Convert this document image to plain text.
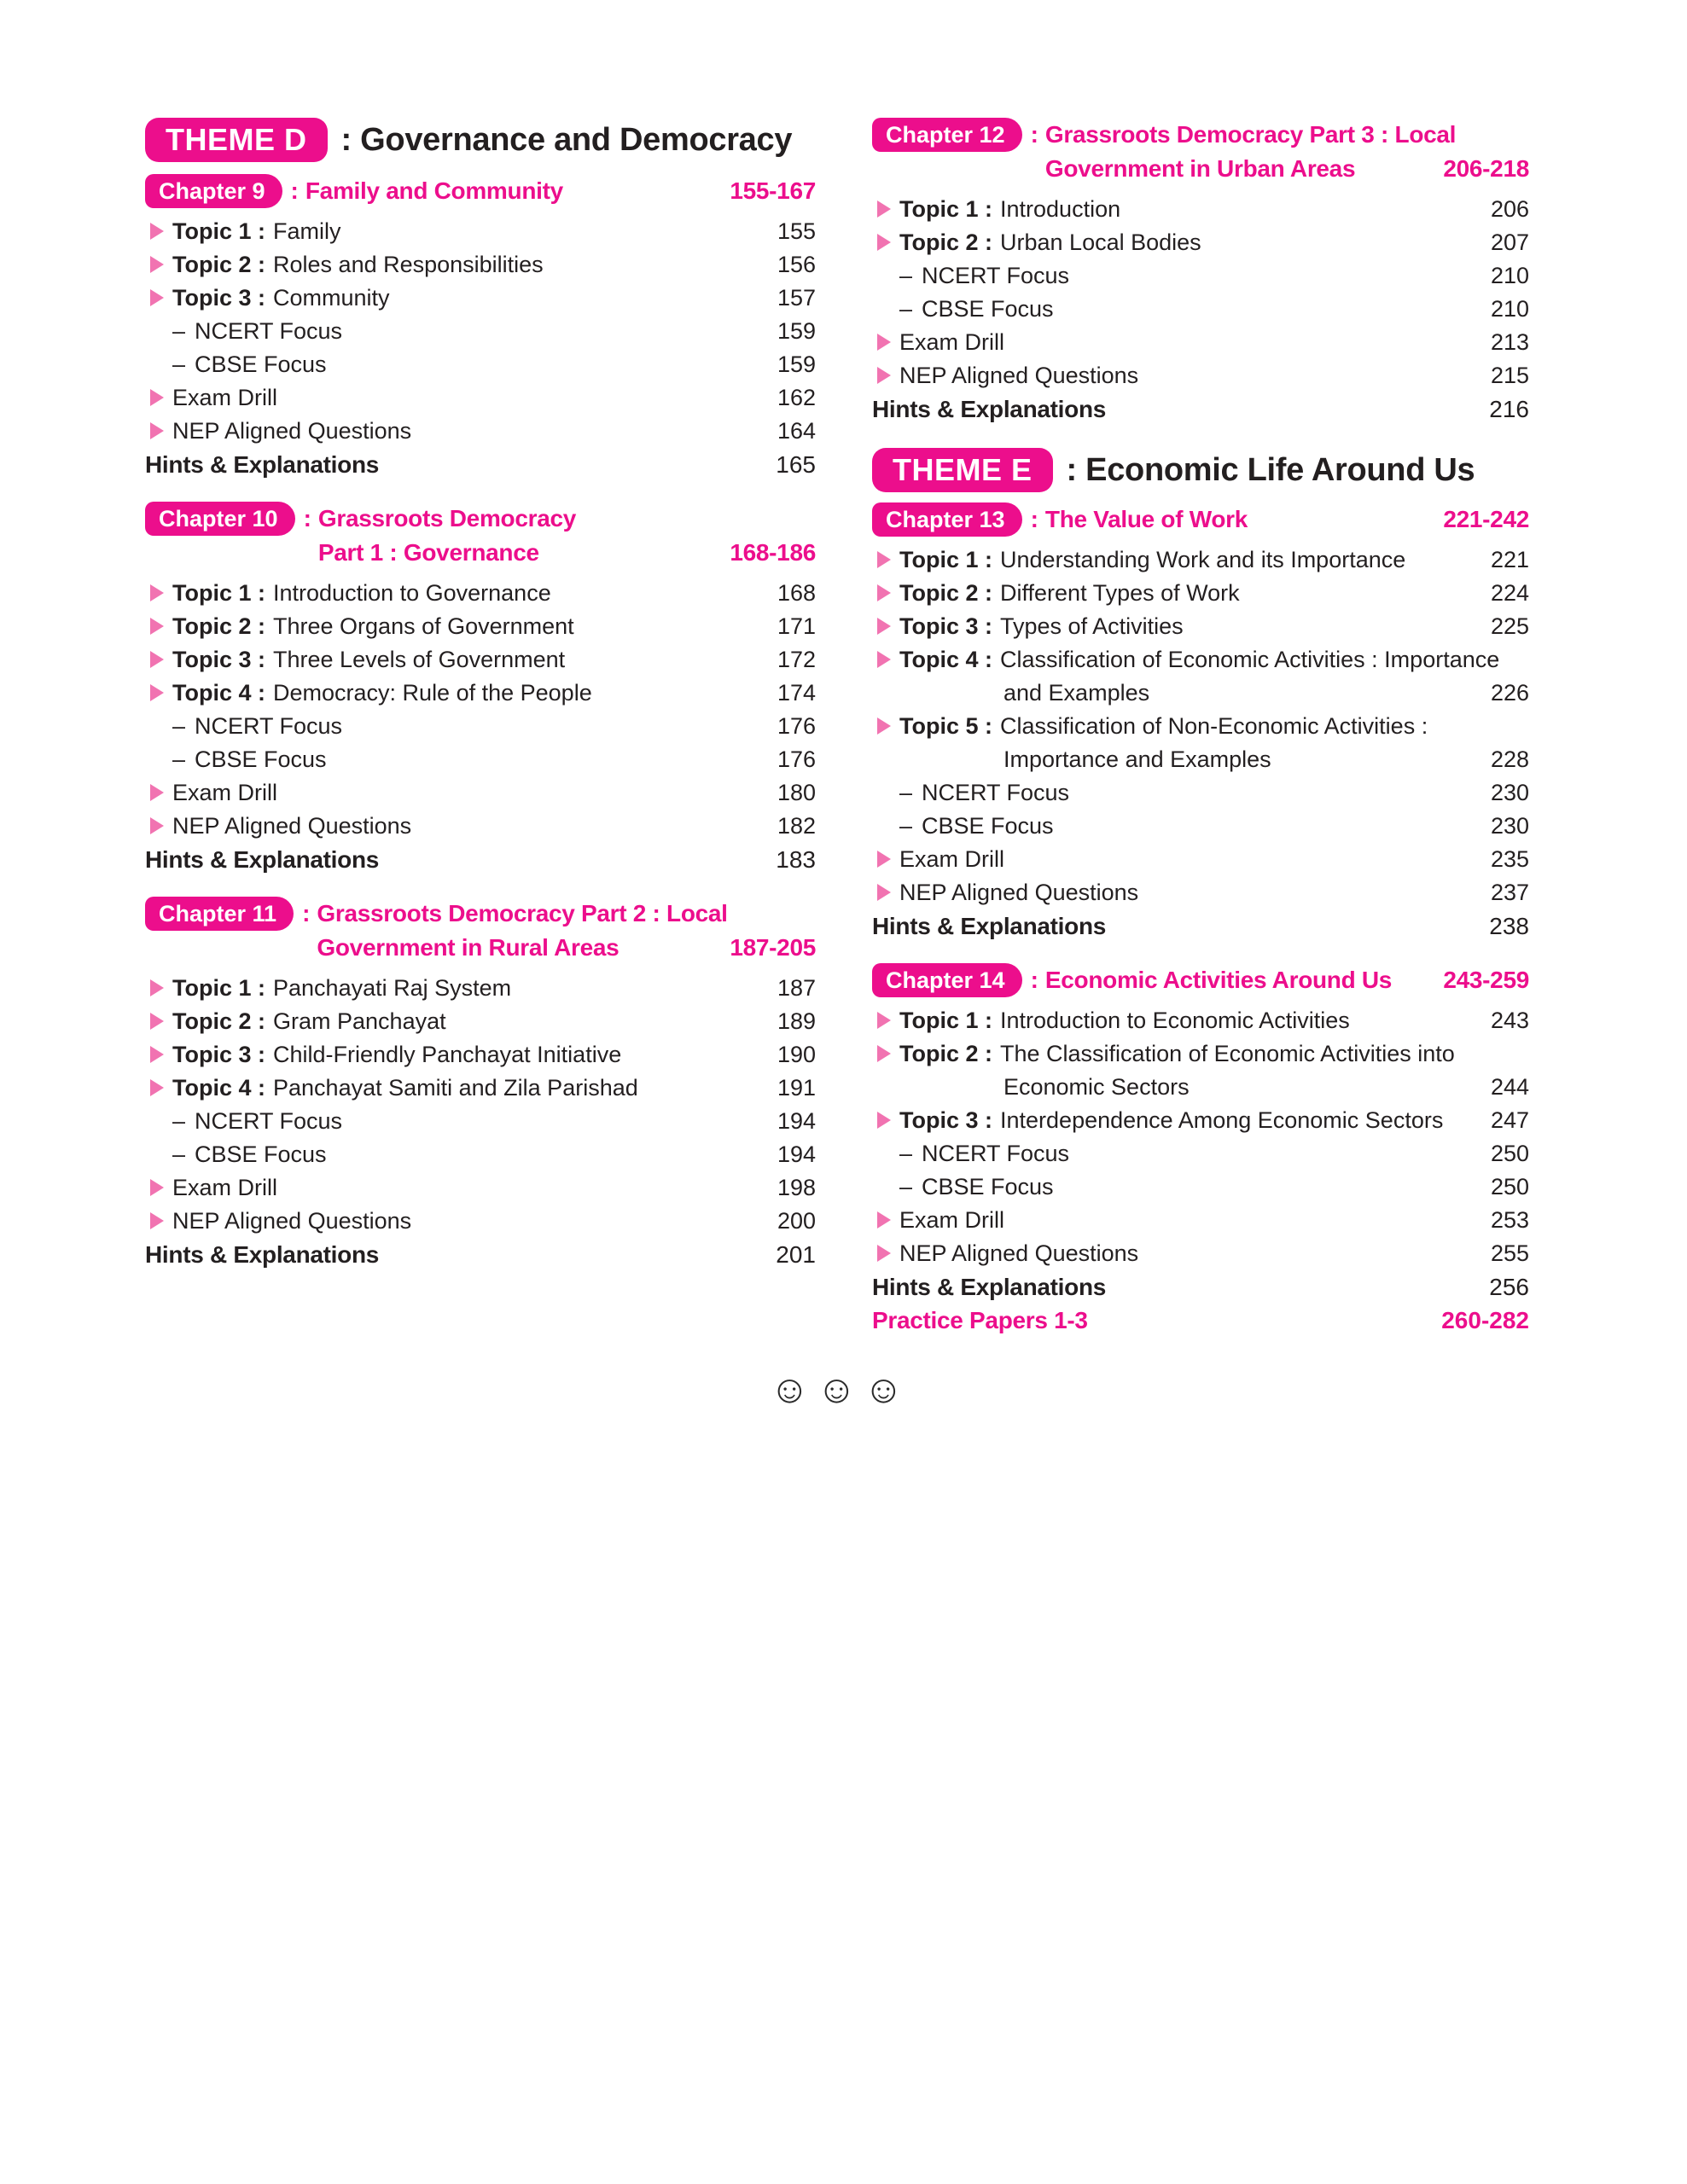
THEME D	: Governance and Democracy
Chapter 9	: Family and Community	155-167
Topic 1 : Family	155
Topic 2 : Roles and Responsibilities	156
Topic 3 : Community	157
– NCERT Focus	159
– CBSE Focus	159
Exam Drill	162
NEP Aligned Questions	164
Hints & Explanations	165
Chapter 10	: Grassroots Democracy
Part 1 : Governance	168-186
Topic 1 : Introduction to Governance	168
Topic 2 : Three Organs of Government	171
Topic 3 : Three Levels of Government	172
Topic 4 : Democracy: Rule of the People	174
– NCERT Focus	176
– CBSE Focus	176
Exam Drill	180
NEP Aligned Questions	182
Hints & Explanations	183
Chapter 11	: Grassroots Democracy Part 2 : Local
Government in Rural Areas	187-205
Topic 1 : Panchayati Raj System	187
Topic 2 : Gram Panchayat	189
Topic 3 : Child-Friendly Panchayat Initiative	190
Topic 4 : Panchayat Samiti and Zila Parishad	191
– NCERT Focus	194
– CBSE Focus	194
Exam Drill	198
NEP Aligned Questions	200
Hints & Explanations	201
Chapter 12	: Grassroots Democracy Part 3 : Local
Government in Urban Areas	206-218
Topic 1 : Introduction	206
Topic 2 : Urban Local Bodies	207
– NCERT Focus	210
– CBSE Focus	210
Exam Drill	213
NEP Aligned Questions	215
Hints & Explanations	216
THEME E	: Economic Life Around Us
Chapter 13	: The Value of Work	221-242
Topic 1 : Understanding Work and its Importance	221
Topic 2 : Different Types of Work	224
Topic 3 : Types of Activities	225
Topic 4 : Classification of Economic Activities : Importance
and Examples	226
Topic 5 : Classification of Non-Economic Activities :
Importance and Examples	228
– NCERT Focus	230
– CBSE Focus	230
Exam Drill	235
NEP Aligned Questions	237
Hints & Explanations	238
Chapter 14	: Economic Activities Around Us	243-259
Topic 1 : Introduction to Economic Activities	243
Topic 2 : The Classification of Economic Activities into
Economic Sectors	244
Topic 3 : Interdependence Among Economic Sectors	247
– NCERT Focus	250
– CBSE Focus	250
Exam Drill	253
NEP Aligned Questions	255
Hints & Explanations	256
Practice Papers 1-3	260-282
☺☺☺
